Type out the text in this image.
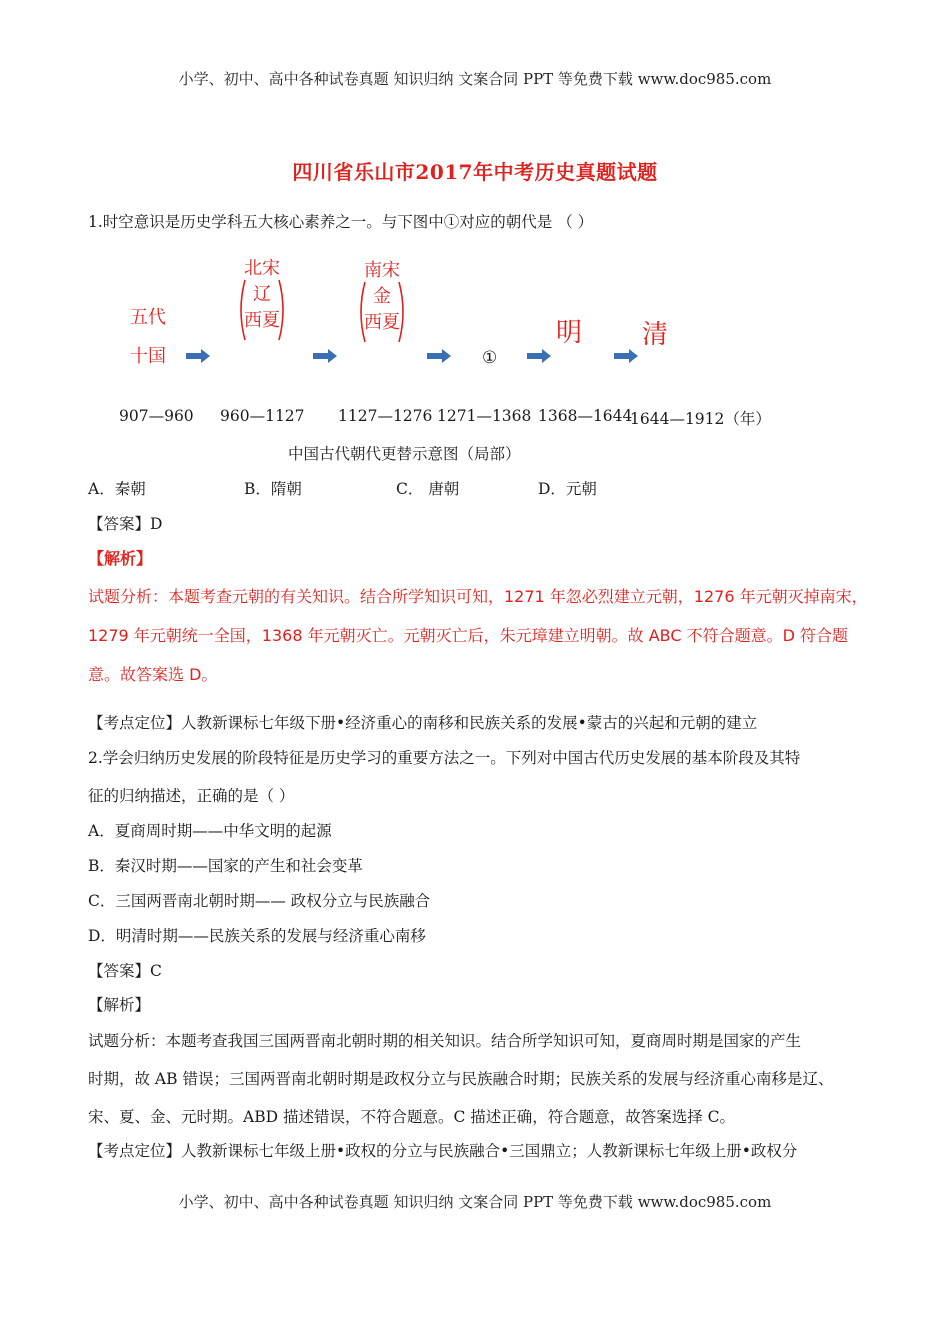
小学、初中、高中各种试卷真题 知识归纳 文案合同 PPT 等免费下载 www.doc985.com
四川省乐山市2017年中考历史真题试题
1.时空意识是历史学科五大核心素养之一。与下图中①对应的朝代是 （ ）
五代
十国
北宋
辽
西夏
南宋
金
西夏
①
明 清
907—960 960—1127 1127—1276 1271—1368 1368—1644
1644—1912（年）
中国古代朝代更替示意图（局部）
A．秦朝	B．隋朝	C． 唐朝	D．元朝
【答案】D
【解析】
试题分析：本题考查元朝的有关知识。结合所学知识可知，1271 年忽必烈建立元朝，1276 年元朝灭掉南宋，
1279 年元朝统一全国，1368 年元朝灭亡。元朝灭亡后，朱元璋建立明朝。故 ABC 不符合题意。D 符合题
意。故答案选 D。
【考点定位】人教新课标七年级下册•经济重心的南移和民族关系的发展•蒙古的兴起和元朝的建立
2.学会归纳历史发展的阶段特征是历史学习的重要方法之一。下列对中国古代历史发展的基本阶段及其特
征的归纳描述，正确的是（ ）
A．夏商周时期——中华文明的起源
B．秦汉时期——国家的产生和社会变革
C．三国两晋南北朝时期—— 政权分立与民族融合
D．明清时期——民族关系的发展与经济重心南移
【答案】C
【解析】
试题分析：本题考查我国三国两晋南北朝时期的相关知识。结合所学知识可知，夏商周时期是国家的产生
时期，故 AB 错误；三国两晋南北朝时期是政权分立与民族融合时期；民族关系的发展与经济重心南移是辽、
宋、夏、金、元时期。ABD 描述错误，不符合题意。C 描述正确，符合题意，故答案选择 C。
【考点定位】人教新课标七年级上册•政权的分立与民族融合•三国鼎立；人教新课标七年级上册•政权分
小学、初中、高中各种试卷真题 知识归纳 文案合同 PPT 等免费下载 www.doc985.com
